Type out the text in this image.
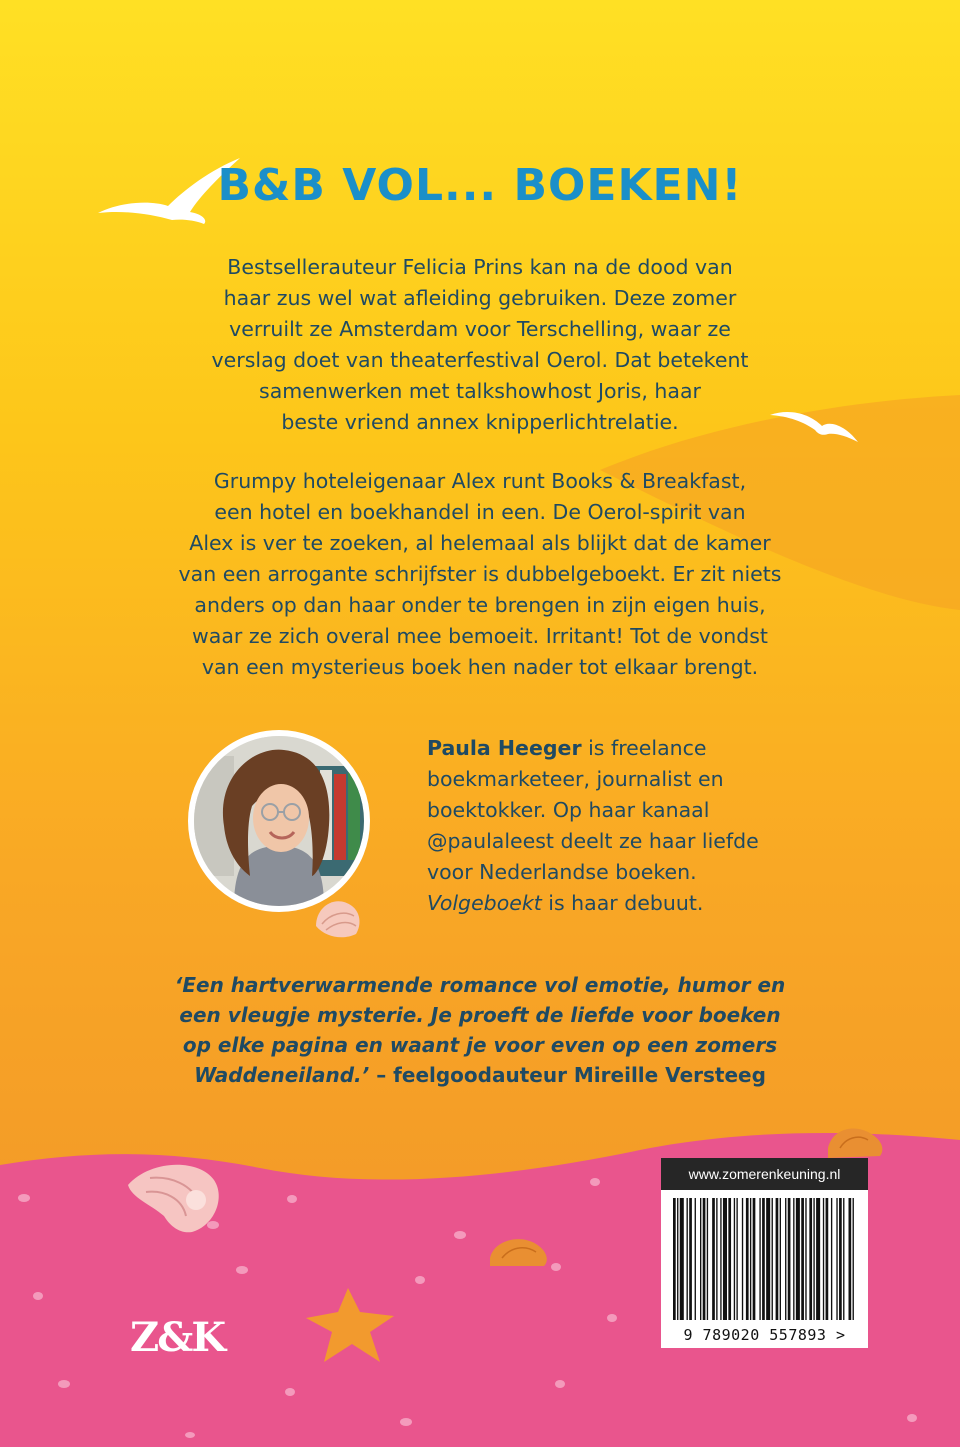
B&B VOL... BOEKEN!

Bestsellerauteur Felicia Prins kan na de dood van
haar zus wel wat afleiding gebruiken. Deze zomer
verruilt ze Amsterdam voor Terschelling, waar ze
verslag doet van theaterfestival Oerol. Dat betekent
samenwerken met talkshowhost Joris, haar
beste vriend annex knipperlichtrelatie.

Grumpy hoteleigenaar Alex runt Books & Breakfast,
een hotel en boekhandel in een. De Oerol-spirit van
Alex is ver te zoeken, al helemaal als blijkt dat de kamer
van een arrogante schrijfster is dubbelgeboekt. Er zit niets
anders op dan haar onder te brengen in zijn eigen huis,
waar ze zich overal mee bemoeit. Irritant! Tot de vondst
van een mysterieus boek hen nader tot elkaar brengt.

Paula Heeger is freelance
boekmarketeer, journalist en
boektokker. Op haar kanaal
@paulaleest deelt ze haar liefde
voor Nederlandse boeken.
Volgeboekt is haar debuut.

‘Een hartverwarmende romance vol emotie, humor en
een vleugje mysterie. Je proeft de liefde voor boeken
op elke pagina en waant je voor even op een zomers
Waddeneiland.’ – feelgoodauteur Mireille Versteeg

Z&K
www.zomerenkeuning.nl
9 789020 557893 >
